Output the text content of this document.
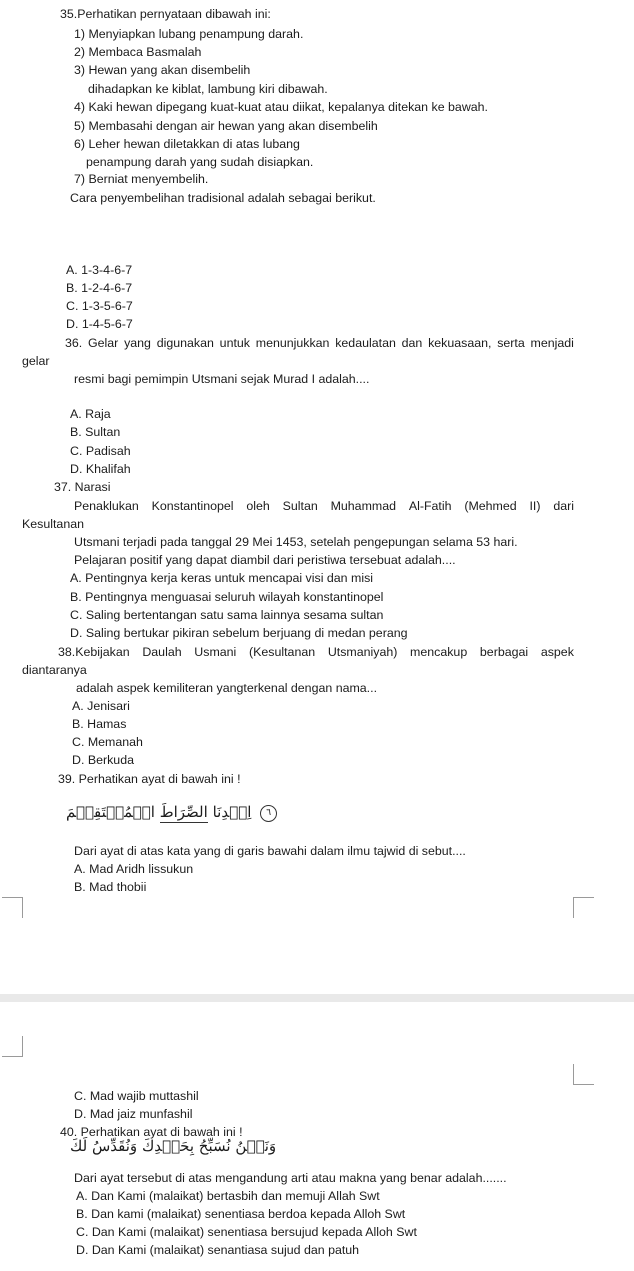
35.Perhatikan pernyataan dibawah ini:
1) Menyiapkan lubang penampung darah.
2) Membaca Basmalah
3) Hewan yang akan disembelih
dihadapkan ke kiblat, lambung kiri dibawah.
4) Kaki hewan dipegang kuat-kuat atau diikat, kepalanya ditekan ke bawah.
5) Membasahi dengan air hewan yang akan disembelih
6) Leher hewan diletakkan di atas lubang
penampung darah yang sudah disiapkan.
7) Berniat menyembelih.
Cara penyembelihan tradisional adalah sebagai berikut.
A. 1-3-4-6-7
B. 1-2-4-6-7
C. 1-3-5-6-7
D. 1-4-5-6-7
36. Gelar yang digunakan untuk menunjukkan kedaulatan dan kekuasaan, serta menjadi
gelar
resmi bagi pemimpin Utsmani sejak Murad I adalah....
A. Raja
B. Sultan
C. Padisah
D. Khalifah
37. Narasi
Penaklukan Konstantinopel oleh Sultan Muhammad Al-Fatih (Mehmed II) dari
Kesultanan
Utsmani terjadi pada tanggal 29 Mei 1453, setelah pengepungan selama 53 hari.
Pelajaran positif yang dapat diambil dari peristiwa tersebuat adalah....
A. Pentingnya kerja keras untuk mencapai visi dan misi
B. Pentingnya menguasai seluruh wilayah konstantinopel
C. Saling bertentangan satu sama lainnya sesama sultan
D. Saling bertukar pikiran sebelum berjuang di medan perang
38.Kebijakan Daulah Usmani (Kesultanan Utsmaniyah) mencakup berbagai aspek
diantaranya
adalah aspek kemiliteran yangterkenal dengan nama...
A. Jenisari
B. Hamas
C. Memanah
D. Berkuda
39. Perhatikan ayat di bawah ini !
٦ اِهۡدِنَا الصِّرَاطَ الۡمُسۡتَقِيۡمَ
Dari ayat di atas kata yang di garis bawahi dalam ilmu tajwid di sebut....
A. Mad Aridh lissukun
B. Mad thobii
C. Mad wajib muttashil
D. Mad jaiz munfashil
40. Perhatikan ayat di bawah ini !
وَنَحۡنُ نُسَبِّحُ بِحَمۡدِكَ وَنُقَدِّسُ لَكَ
Dari ayat tersebut di atas mengandung arti atau makna yang benar adalah.......
A. Dan Kami (malaikat) bertasbih dan memuji Allah Swt
B. Dan kami (malaikat) senentiasa berdoa kepada Alloh Swt
C. Dan Kami (malaikat) senentiasa bersujud kepada Alloh Swt
D. Dan Kami (malaikat) senantiasa sujud dan patuh
